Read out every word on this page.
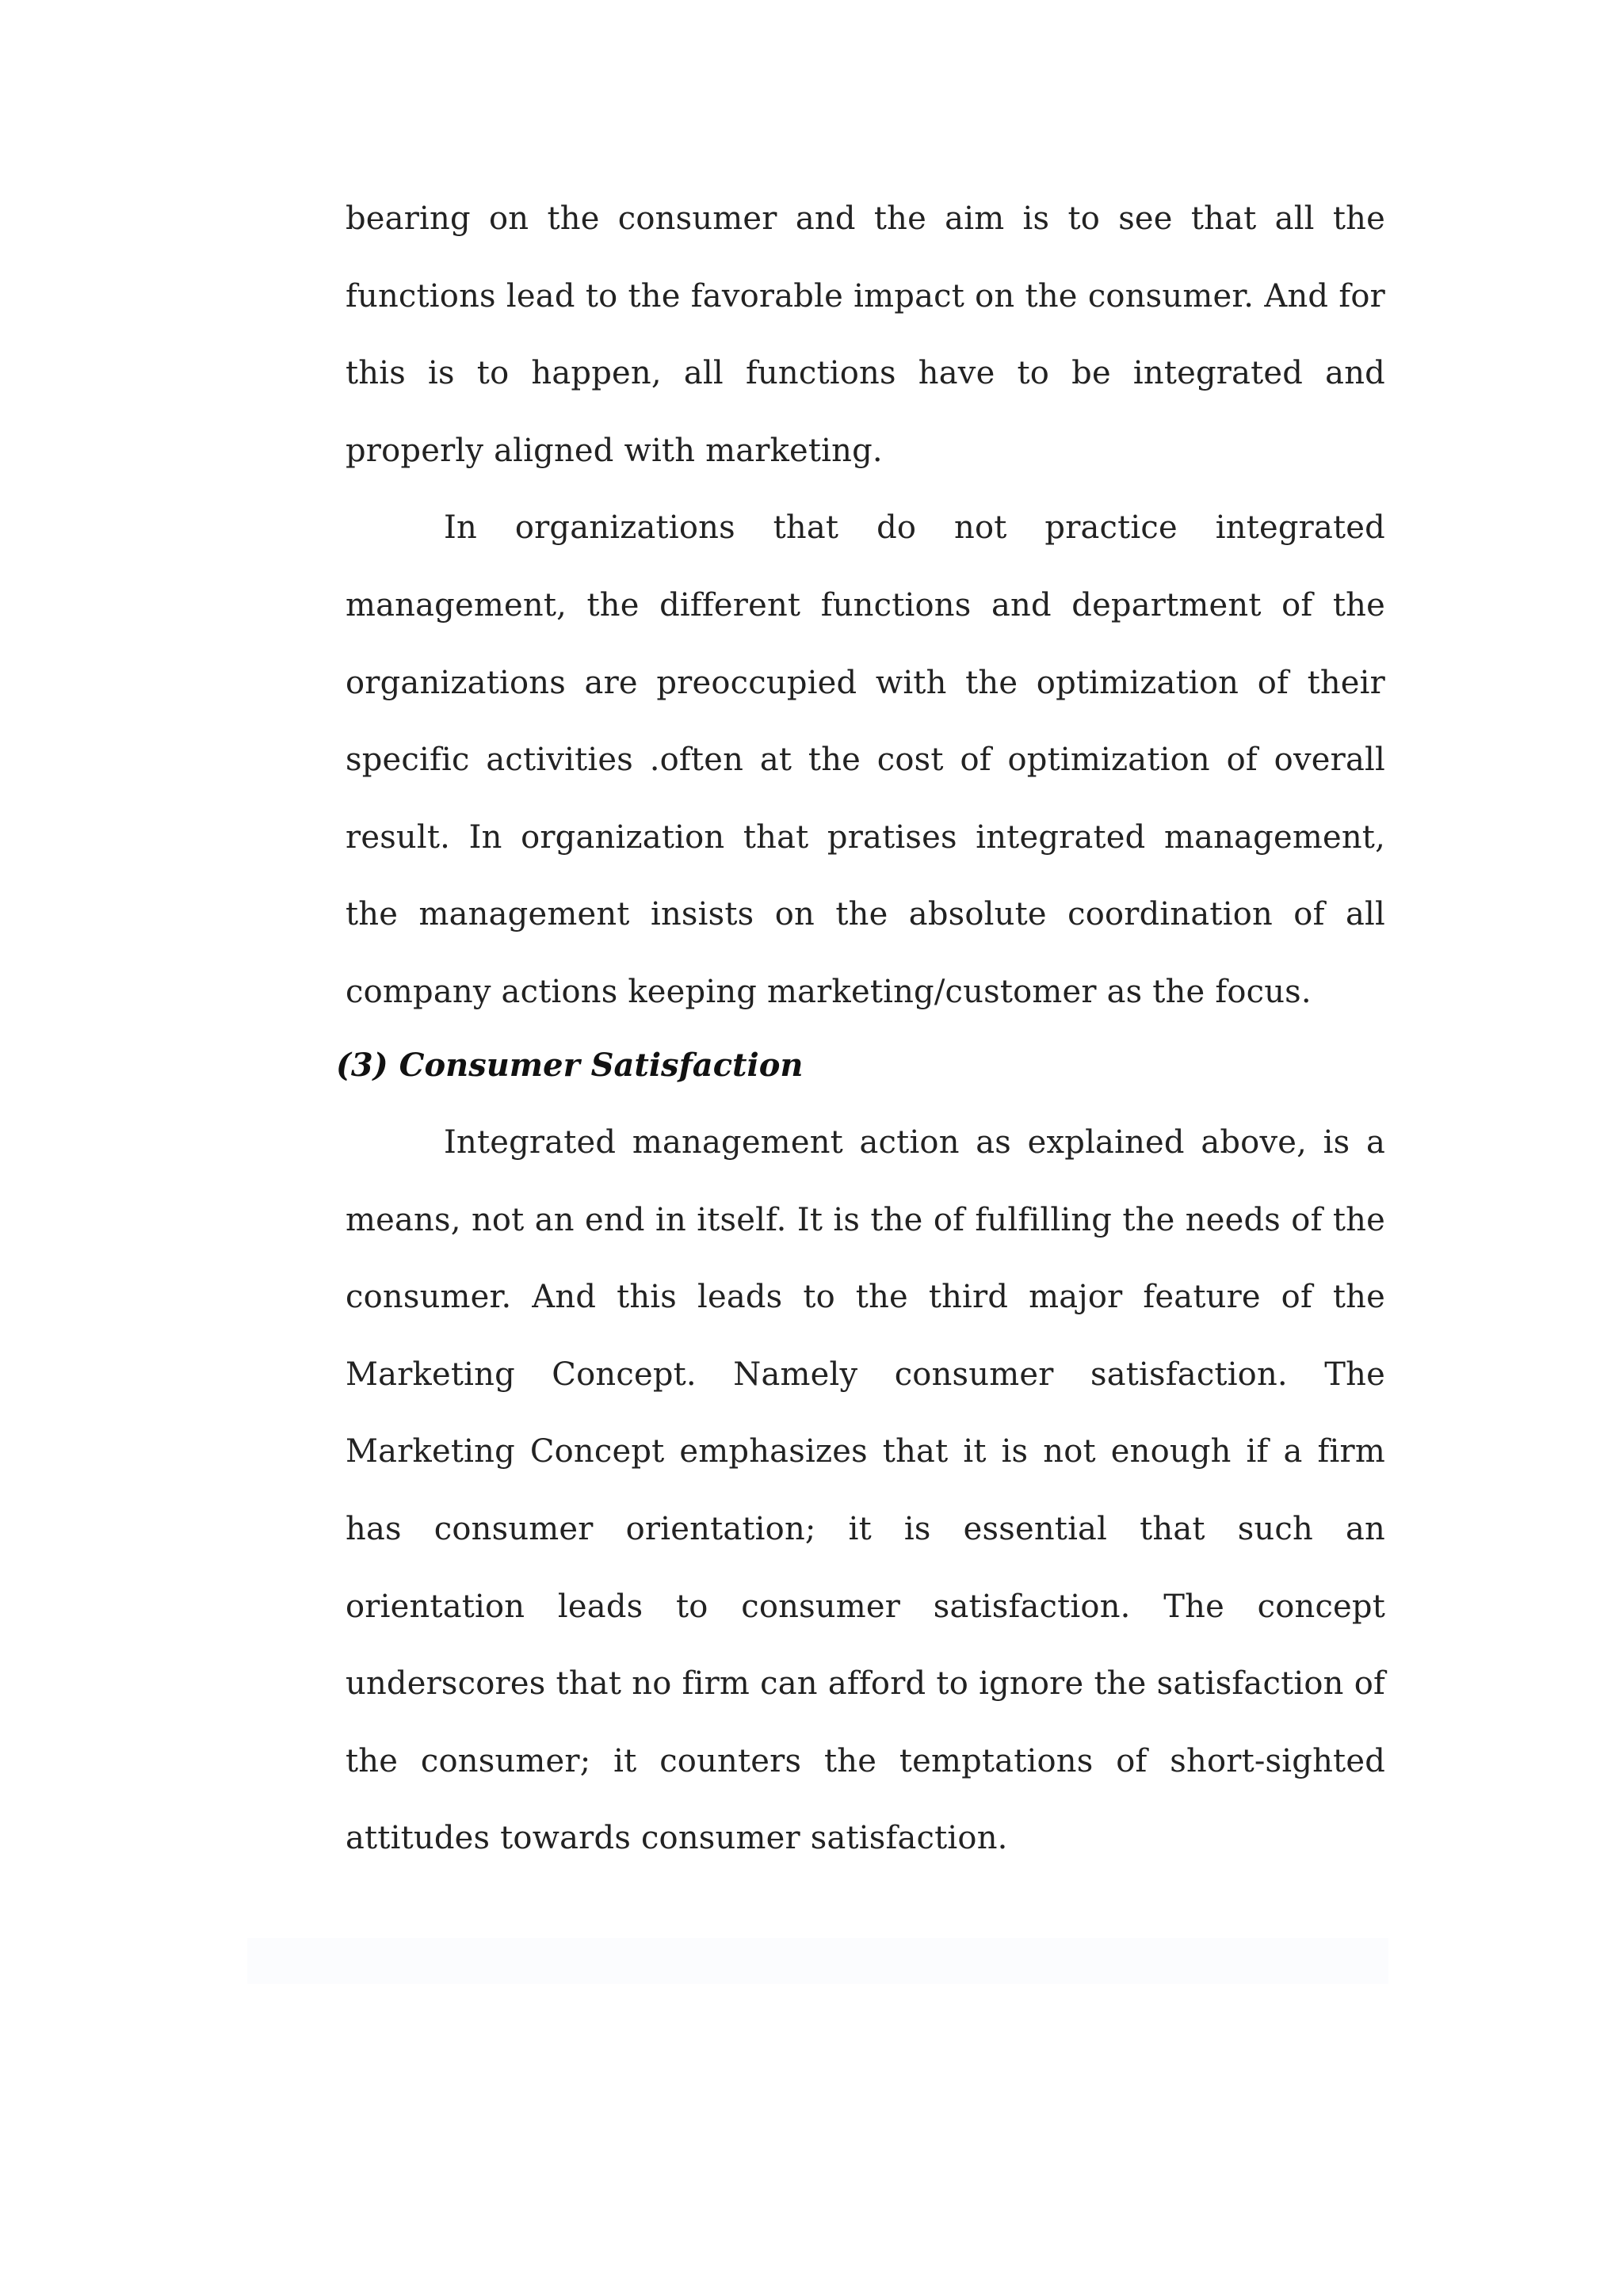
bearing on the consumer and the aim is to see that all the functions lead to the favorable impact on the consumer. And for this is to happen, all functions have to be integrated and properly aligned with marketing.

In organizations that do not practice integrated management, the different functions and department of the organizations are preoccupied with the optimization of their specific activities .often at the cost of optimization of overall result. In organization that pratises integrated management, the management insists on the absolute coordination of all company actions keeping marketing/customer as the focus.

(3) Consumer Satisfaction

Integrated management action as explained above, is a means, not an end in itself. It is the of fulfilling the needs of the consumer. And this leads to the third major feature of the Marketing Concept. Namely consumer satisfaction. The Marketing Concept emphasizes that it is not enough if a firm has consumer orientation; it is essential that such an orientation leads to consumer satisfaction. The concept underscores that no firm can afford to ignore the satisfaction of the consumer; it counters the temptations of short-sighted attitudes towards consumer satisfaction.
